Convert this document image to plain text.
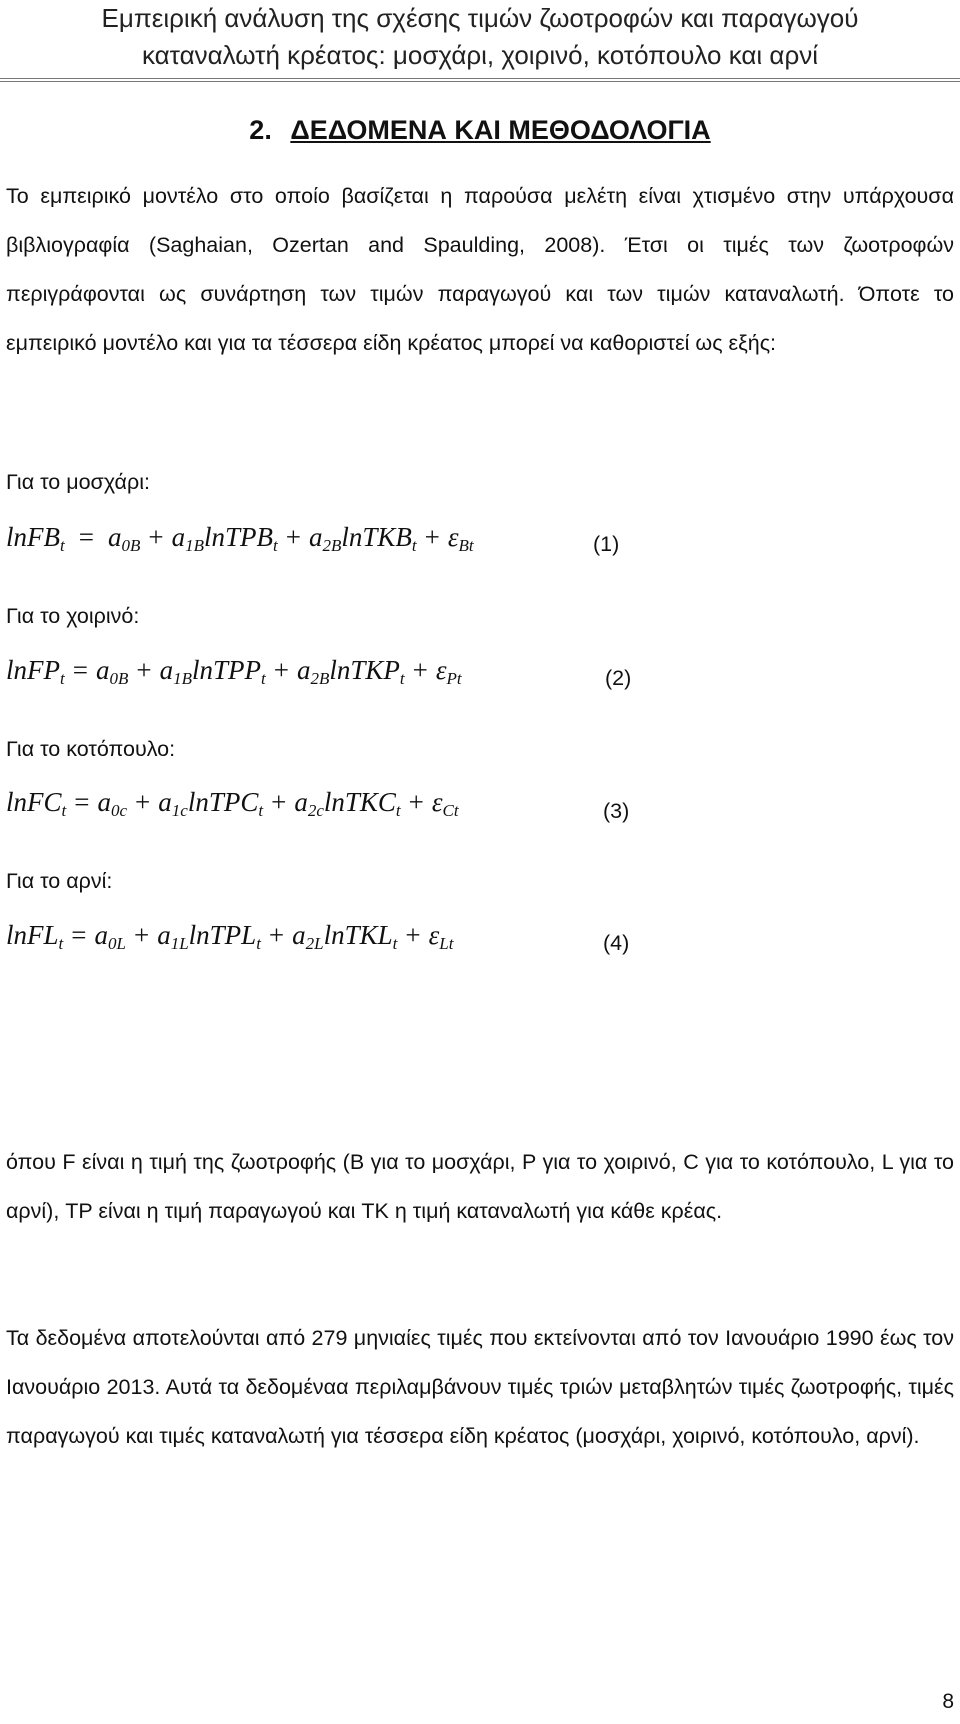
Εμπειρική ανάλυση της σχέσης τιμών ζωοτροφών και παραγωγού
καταναλωτή κρέατος: μοσχάρι, χοιρινό, κοτόπουλο και αρνί
2. ΔΕΔΟΜΕΝΑ ΚΑΙ ΜΕΘΟΔΟΛΟΓΙΑ
Το εμπειρικό μοντέλο στο οποίο βασίζεται η παρούσα μελέτη είναι χτισμένο στην υπάρχουσα βιβλιογραφία (Saghaian, Ozertan and Spaulding, 2008). Έτσι οι τιμές των ζωοτροφών περιγράφονται ως συνάρτηση των τιμών παραγωγού και των τιμών καταναλωτή. Όποτε το εμπειρικό μοντέλο και για τα τέσσερα είδη κρέατος μπορεί να καθοριστεί ως εξής:
Για το μοσχάρι:
lnFB$_t$ = $a_{0B}$ + $a_{1B}lnTPB_t$ + $a_{2B}lnTKB_t + \varepsilon_{Bt}$	(1)
Για το χοιρινό:
lnFP$_t$ = $a_{0B}$ + $a_{1B}lnTPP_t$ + $a_{2B}lnTKP_t + \varepsilon_{Pt}$	(2)
Για το κοτόπουλο:
lnFC$_t$ = $a_{0c}$ + $a_{1c}lnTPC_t$ + $a_{2c}lnTKC_t + \varepsilon_{Ct}$	(3)
Για το αρνί:
lnFL$_t$ = $a_{0L}$ + $a_{1L}lnTPL_t$ + $a_{2L}lnTKL_t + \varepsilon_{Lt}$	(4)
όπου F είναι η τιμή της ζωοτροφής (Β για το μοσχάρι, P για το χοιρινό, C για το κοτόπουλο, L για το αρνί), TP είναι η τιμή παραγωγού και TK η τιμή καταναλωτή για κάθε κρέας.
Τα δεδομένα αποτελούνται από 279 μηνιαίες τιμές που εκτείνονται από τον Ιανουάριο 1990 έως τον Ιανουάριο 2013. Αυτά τα δεδομέναα περιλαμβάνουν τιμές τριών μεταβλητών τιμές ζωοτροφής, τιμές παραγωγού και τιμές καταναλωτή για τέσσερα είδη κρέατος (μοσχάρι, χοιρινό, κοτόπουλο, αρνί).
8
